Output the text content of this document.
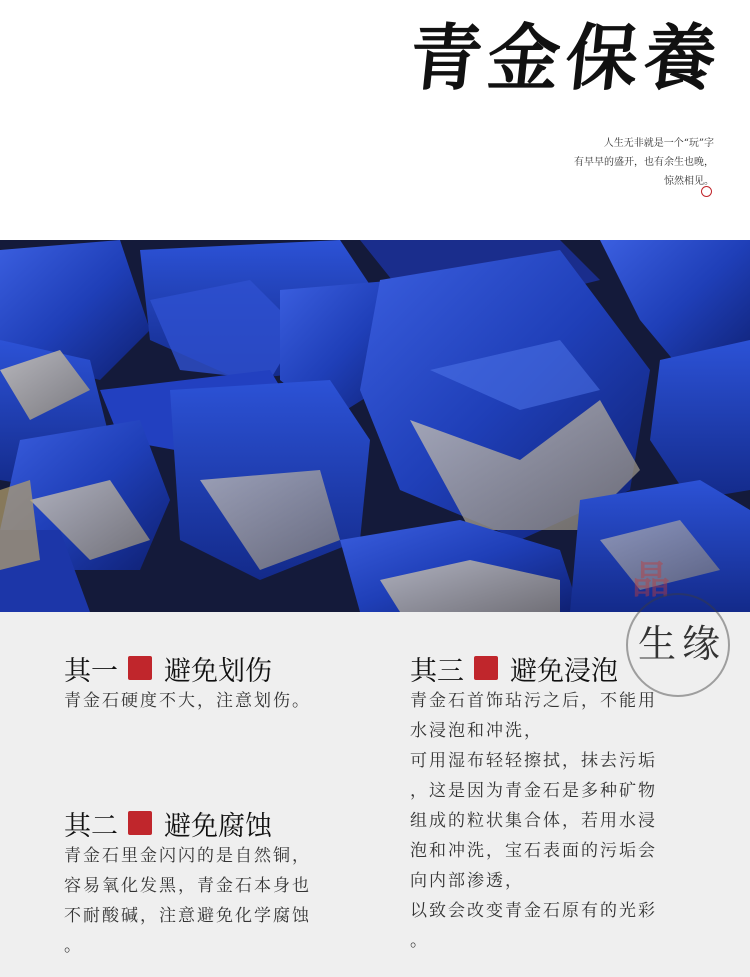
青金保養
人生无非就是一个“玩”字
有早早的盛开，也有余生也晚，
惊然相见。
其一 避免划伤
青金石硬度不大，注意划伤。
其二 避免腐蚀
青金石里金闪闪的是自然铜，
容易氧化发黑，青金石本身也
不耐酸碱，注意避免化学腐蚀
。
其三 避免浸泡
青金石首饰玷污之后，不能用
水浸泡和冲洗，
可用湿布轻轻擦拭，抹去污垢
，这是因为青金石是多种矿物
组成的粒状集合体，若用水浸
泡和冲洗，宝石表面的污垢会
向内部渗透，
以致会改变青金石原有的光彩
。
晶
生缘
